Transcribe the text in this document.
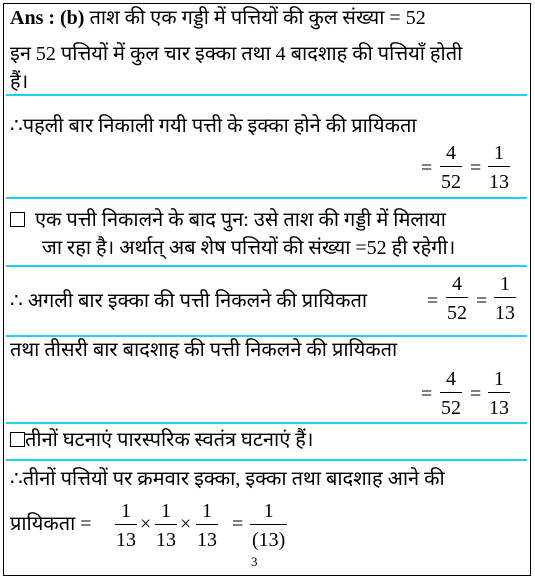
Ans : (b) ताश की एक गड्डी में पत्तियों की कुल संख्या = 52
इन 52 पत्तियों में कुल चार इक्का तथा 4 बादशाह की पत्तियाँ होती
हैं।
∴पहली बार निकाली गयी पत्ती के इक्का होने की प्रायिकता
=
4
52
=
1
13
एक पत्ती निकालने के बाद पुन: उसे ताश की गड्डी में मिलाया
जा रहा है। अर्थात् अब शेष पत्तियों की संख्या =52 ही रहेगी।
∴ अगली बार इक्का की पत्ती निकलने की प्रायिकता	=
4
52
=
1
13
तथा तीसरी बार बादशाह की पत्ती निकलने की प्रायिकता
=
4
52
=
1
13
तीनों घटनाएं पारस्परिक स्वतंत्र घटनाएं हैं।
∴तीनों पत्तियों पर क्रमवार इक्का, इक्का तथा बादशाह आने की
प्रायिकता =
1
13
×
1
13
×
1
13
=
1
(13)
$^3$
